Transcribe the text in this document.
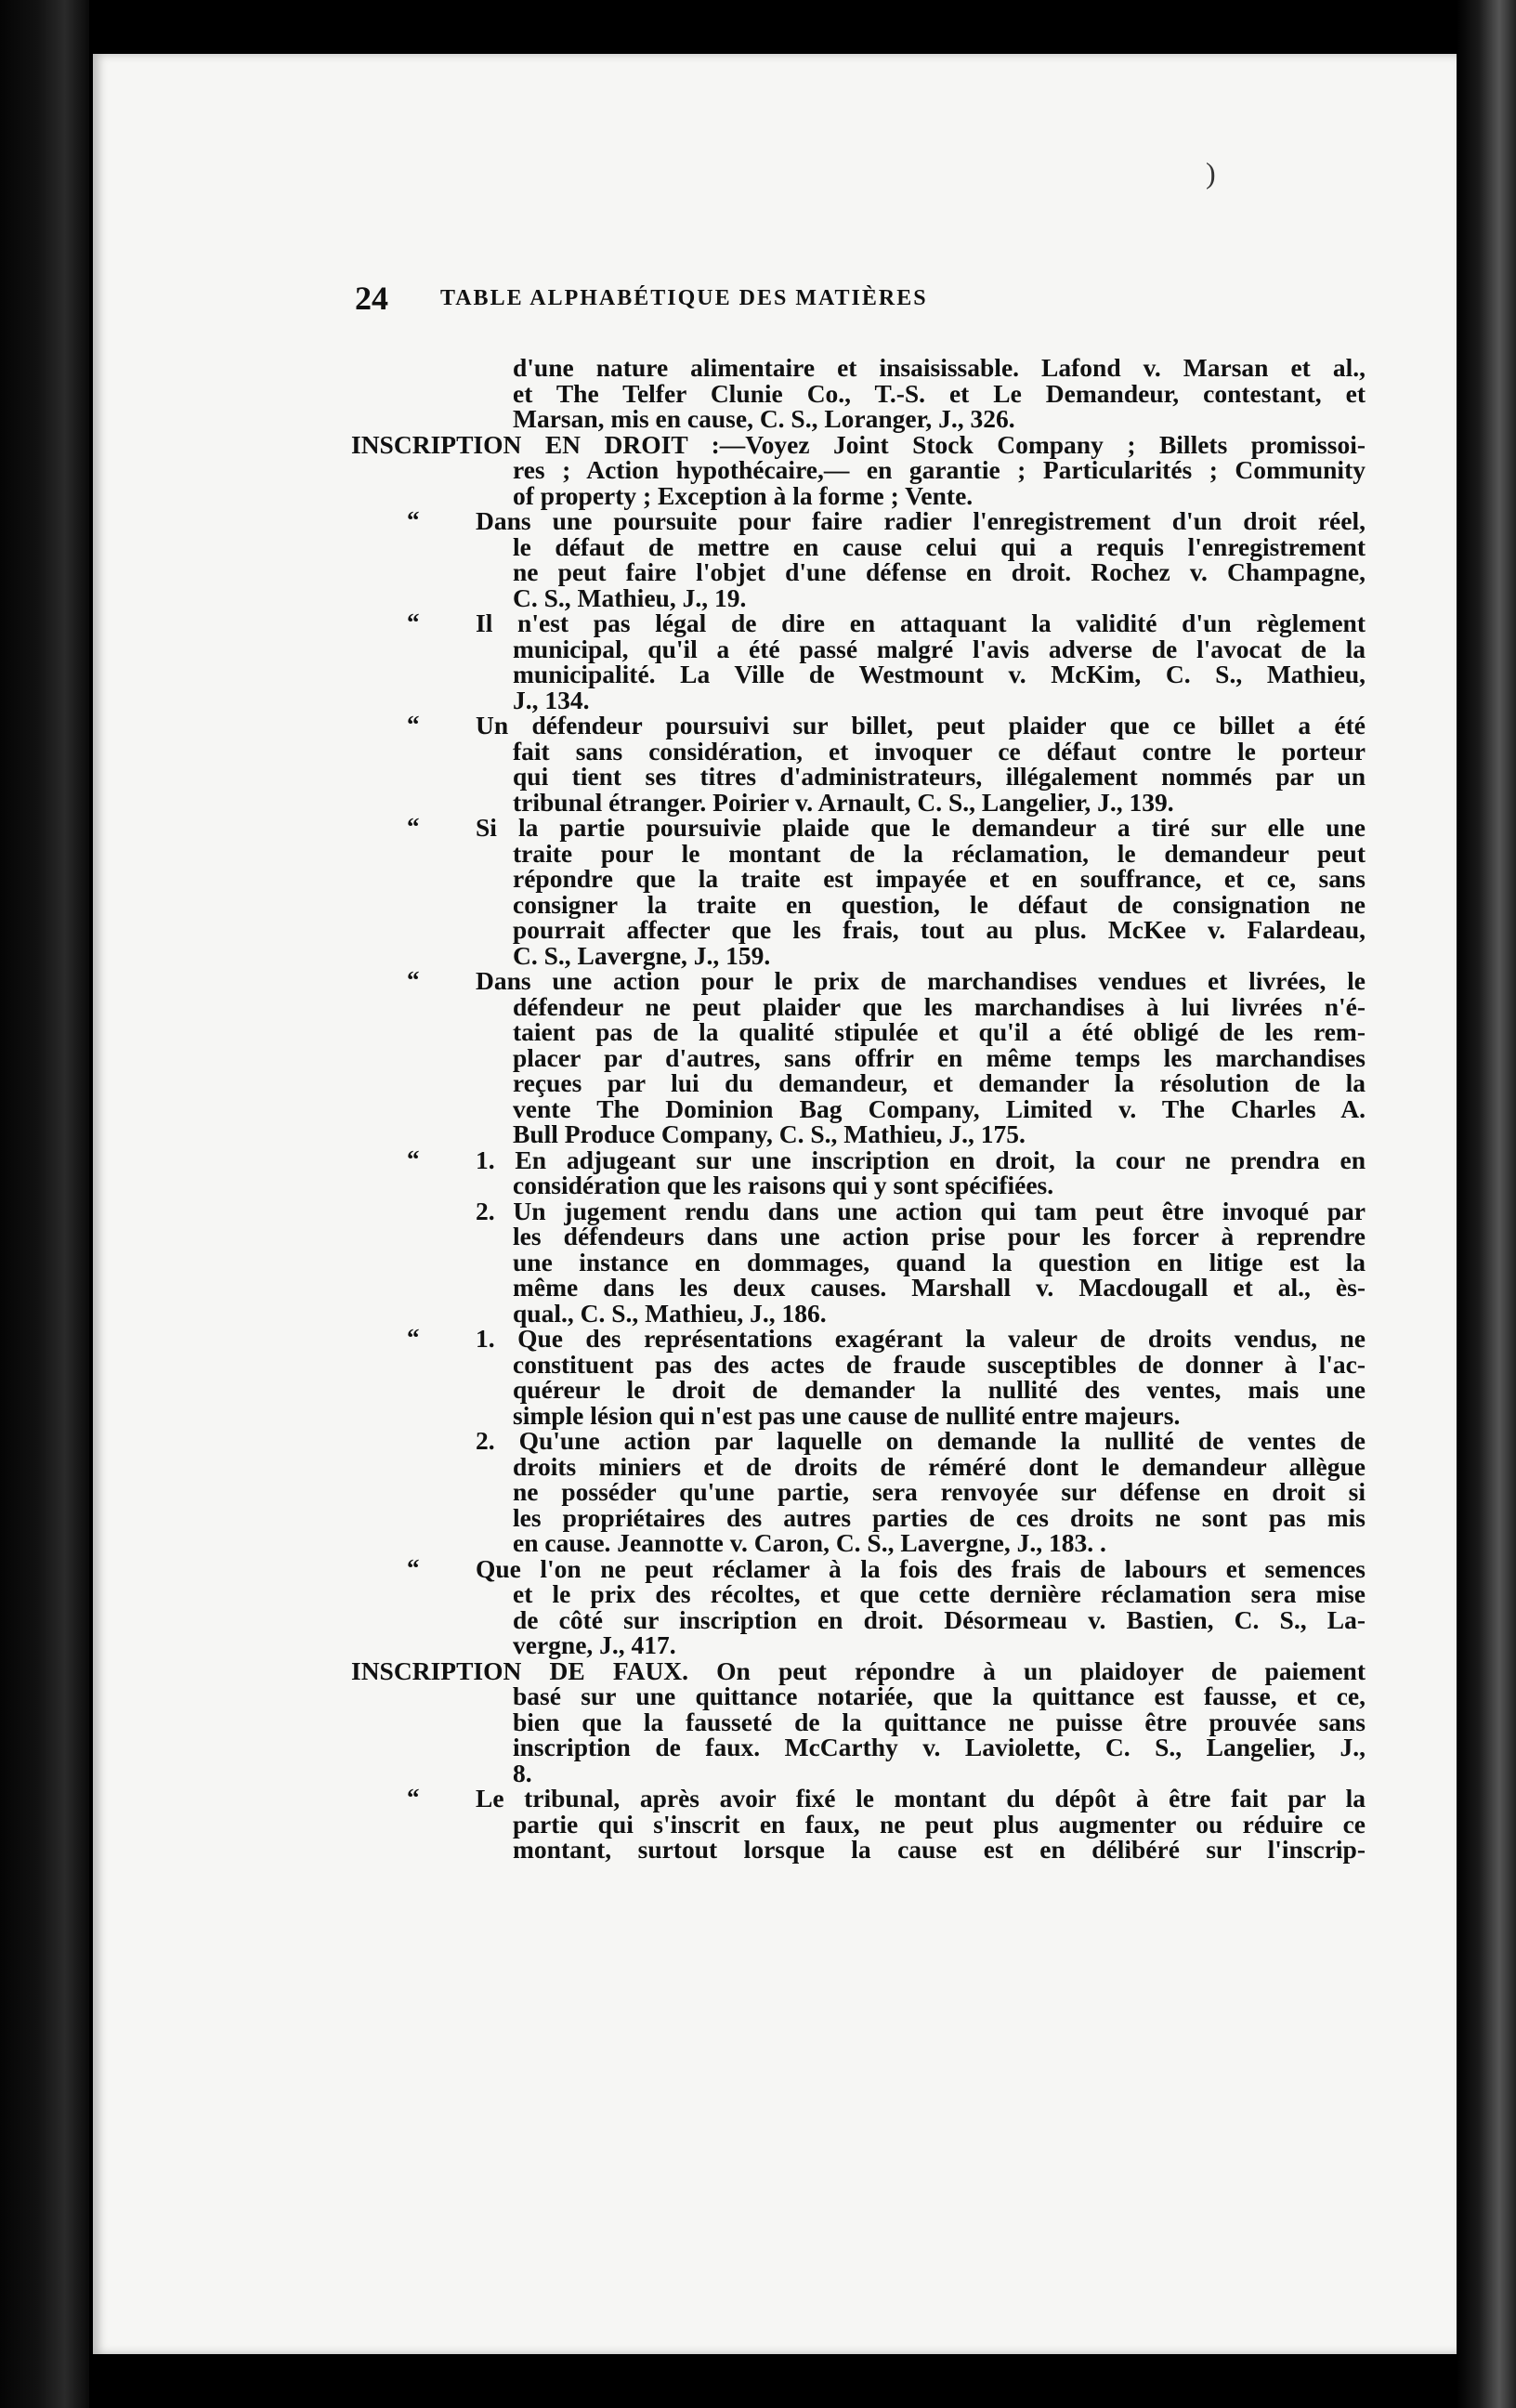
)
24 TABLE ALPHABÉTIQUE DES MATIÈRES
d'une nature alimentaire et insaisissable. Lafond v. Marsan et al.,
et The Telfer Clunie Co., T.-S. et Le Demandeur, contestant, et
Marsan, mis en cause, C. S., Loranger, J., 326.
INSCRIPTION EN DROIT :—Voyez Joint Stock Company ; Billets promissoi-
res ; Action hypothécaire,— en garantie ; Particularités ; Community
of property ; Exception à la forme ; Vente.
“	Dans une poursuite pour faire radier l'enregistrement d'un droit réel,
le défaut de mettre en cause celui qui a requis l'enregistrement
ne peut faire l'objet d'une défense en droit. Rochez v. Champagne,
C. S., Mathieu, J., 19.
“	Il n'est pas légal de dire en attaquant la validité d'un règlement
municipal, qu'il a été passé malgré l'avis adverse de l'avocat de la
municipalité. La Ville de Westmount v. McKim, C. S., Mathieu,
J., 134.
“	Un défendeur poursuivi sur billet, peut plaider que ce billet a été
fait sans considération, et invoquer ce défaut contre le porteur
qui tient ses titres d'administrateurs, illégalement nommés par un
tribunal étranger. Poirier v. Arnault, C. S., Langelier, J., 139.
“	Si la partie poursuivie plaide que le demandeur a tiré sur elle une
traite pour le montant de la réclamation, le demandeur peut
répondre que la traite est impayée et en souffrance, et ce, sans
consigner la traite en question, le défaut de consignation ne
pourrait affecter que les frais, tout au plus. McKee v. Falardeau,
C. S., Lavergne, J., 159.
“	Dans une action pour le prix de marchandises vendues et livrées, le
défendeur ne peut plaider que les marchandises à lui livrées n'é-
taient pas de la qualité stipulée et qu'il a été obligé de les rem-
placer par d'autres, sans offrir en même temps les marchandises
reçues par lui du demandeur, et demander la résolution de la
vente The Dominion Bag Company, Limited v. The Charles A.
Bull Produce Company, C. S., Mathieu, J., 175.
“	1. En adjugeant sur une inscription en droit, la cour ne prendra en
considération que les raisons qui y sont spécifiées.
2. Un jugement rendu dans une action qui tam peut être invoqué par
les défendeurs dans une action prise pour les forcer à reprendre
une instance en dommages, quand la question en litige est la
même dans les deux causes. Marshall v. Macdougall et al., ès-
qual., C. S., Mathieu, J., 186.
“	1. Que des représentations exagérant la valeur de droits vendus, ne
constituent pas des actes de fraude susceptibles de donner à l'ac-
quéreur le droit de demander la nullité des ventes, mais une
simple lésion qui n'est pas une cause de nullité entre majeurs.
2. Qu'une action par laquelle on demande la nullité de ventes de
droits miniers et de droits de réméré dont le demandeur allègue
ne posséder qu'une partie, sera renvoyée sur défense en droit si
les propriétaires des autres parties de ces droits ne sont pas mis
en cause. Jeannotte v. Caron, C. S., Lavergne, J., 183. .
“	Que l'on ne peut réclamer à la fois des frais de labours et semences
et le prix des récoltes, et que cette dernière réclamation sera mise
de côté sur inscription en droit. Désormeau v. Bastien, C. S., La-
vergne, J., 417.
INSCRIPTION DE FAUX. On peut répondre à un plaidoyer de paiement
basé sur une quittance notariée, que la quittance est fausse, et ce,
bien que la fausseté de la quittance ne puisse être prouvée sans
inscription de faux. McCarthy v. Laviolette, C. S., Langelier, J.,
8.
“	Le tribunal, après avoir fixé le montant du dépôt à être fait par la
partie qui s'inscrit en faux, ne peut plus augmenter ou réduire ce
montant, surtout lorsque la cause est en délibéré sur l'inscrip-
